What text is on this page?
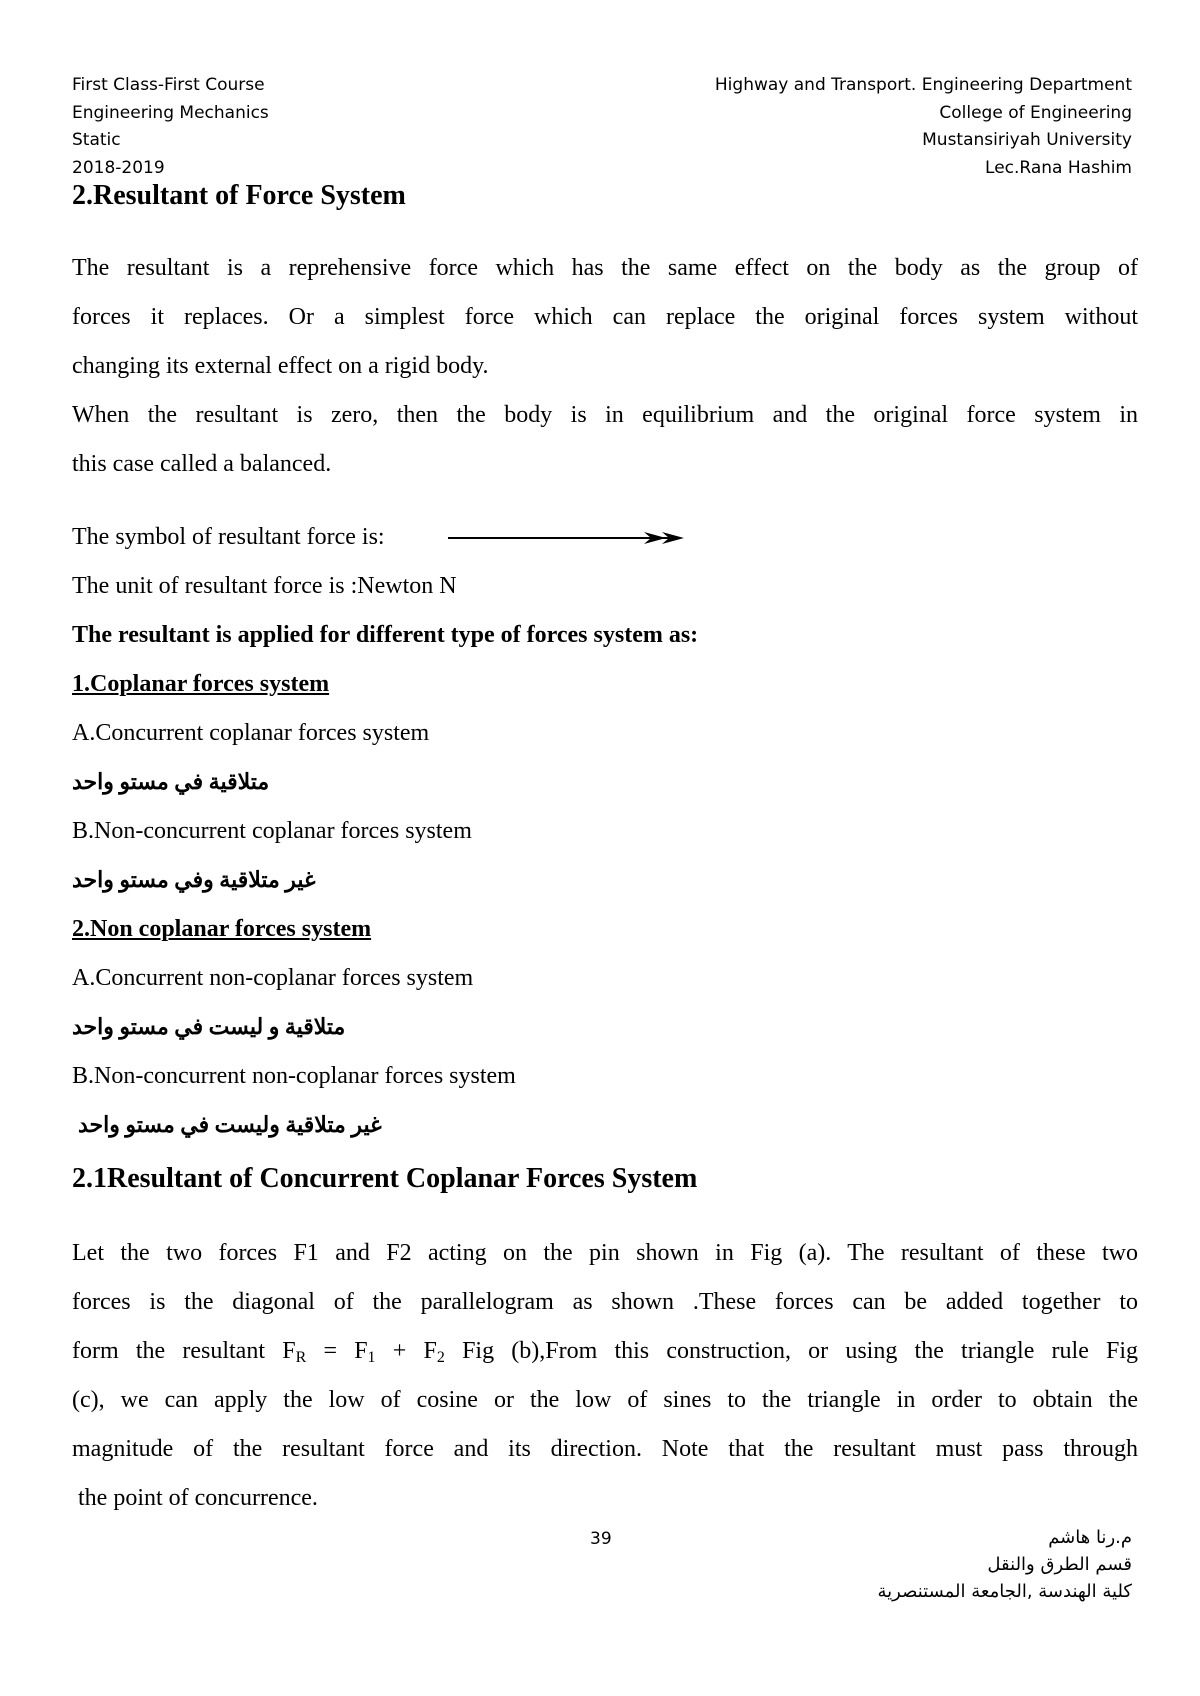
First Class-First Course
Engineering Mechanics
Static
2018-2019
Highway and Transport. Engineering Department
College of Engineering
Mustansiriyah University
Lec.Rana Hashim
2.Resultant of Force System
The resultant is a reprehensive force which has the same effect on the body as the group of
forces it replaces. Or a simplest force which can replace the original forces system without
changing its external effect on a rigid body.
When the resultant is zero, then the body is in equilibrium and the original force system in
this case called a balanced.
The symbol of resultant force is:
The unit of resultant force is :Newton N
The resultant is applied for different type of forces system as:
1.Coplanar forces system
A.Concurrent coplanar forces system
متلاقية في مستو واحد
B.Non-concurrent coplanar forces system
غير متلاقية وفي مستو واحد
2.Non coplanar forces system
A.Concurrent non-coplanar forces system
متلاقية و ليست في مستو واحد
B.Non-concurrent non-coplanar forces system
غير متلاقية وليست في مستو واحد
2.1Resultant of Concurrent Coplanar Forces System
Let the two forces F1 and F2 acting on the pin shown in Fig (a). The resultant of these two
forces is the diagonal of the parallelogram as shown .These forces can be added together to
form the resultant $F_R = F_1 + F_2$ Fig (b),From this construction, or using the triangle rule Fig
(c), we can apply the low of cosine or the low of sines to the triangle in order to obtain the
magnitude of the resultant force and its direction. Note that the resultant must pass through
the point of concurrence.
39	م.رنا هاشم
قسم الطرق والنقل
كلية الهندسة ,الجامعة المستنصرية
